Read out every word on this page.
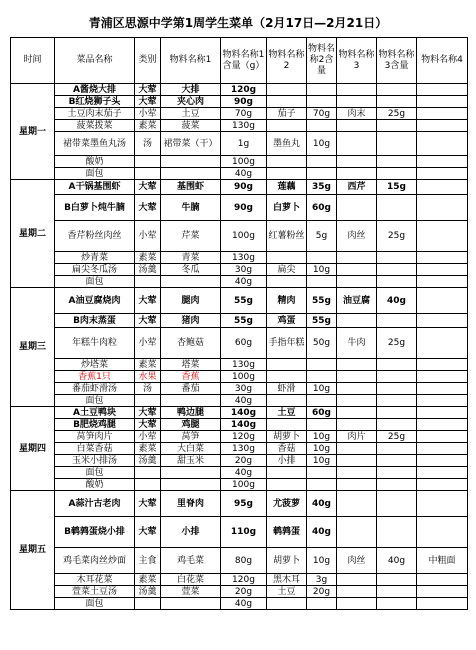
青浦区思源中学第1周学生菜单（2月17日—2月21日）
时间	菜品名称	类别	物料名称1	物料名称1含量（g）	物料名称2	物料名称2含量	物料名称3	物料名称3含量	物料名称4	
星期一	A酱烧大排	大荤	大排	120g						
	B红烧狮子头	大荤	夹心肉	90g						
	土豆肉末茄子	小荤	土豆	70g	茄子	70g	肉末	25g		
	菠菜拨菜	素菜	菠菜	130g						
	裙带菜墨鱼丸汤	汤	裙带菜（干）	1g	墨鱼丸	10g				
	酸奶			100g						
	面包			40g						
星期二	A干锅基围虾	大荤	基围虾	90g	莲藕	35g	西芹	15g		
	B白萝卜炖牛腩	大荤	牛腩	90g	白萝卜	60g				
	香芹粉丝肉丝	小荤	芹菜	100g	红薯粉丝	5g	肉丝	25g		
	炒青菜	素菜	青菜	130g						
	扁尖冬瓜汤	汤羹	冬瓜	30g	扁尖	10g				
	面包			40g						
星期三	A油豆腐烧肉	大荤	腿肉	55g	精肉	55g	油豆腐	40g		
	B肉末蒸蛋	大荤	猪肉	55g	鸡蛋	55g				
	年糕牛肉粒	小荤	杏鲍菇	60g	手指年糕	50g	牛肉	25g		
	炒塔菜	素菜	塔菜	130g						
	香蕉1只	水果	香蕉	100g						
	番茄虾滑汤	汤	番茄	30g	虾滑	10g				
	面包			40g						
星期四	A土豆鸭块	大荤	鸭边腿	140g	土豆	60g				
	B肥烧鸡腿	大荤	鸡腿	140g						
	莴笋肉片	小荤	莴笋	120g	胡萝卜	10g	肉片	25g		
	白菜香菇	素菜	大白菜	130g	香菇	10g				
	玉米小排汤	汤羹	甜玉米	20g	小排	10g				
	面包			40g						
	酸奶			100g						
星期五	A蒜汁古老肉	大荤	里脊肉	95g	尤菠萝	40g				
	B鹌鹑蛋烧小排	大荤	小排	110g	鹌鹑蛋	40g				
	鸡毛菜肉丝炒面	主食	鸡毛菜	80g	胡萝卜	10g	肉丝	40g	中粗面	
	木耳花菜	素菜	白花菜	120g	黑木耳	3g				
	萱菜土豆汤	汤羹	萱菜	20g	土豆	20g				
	面包			40g						
